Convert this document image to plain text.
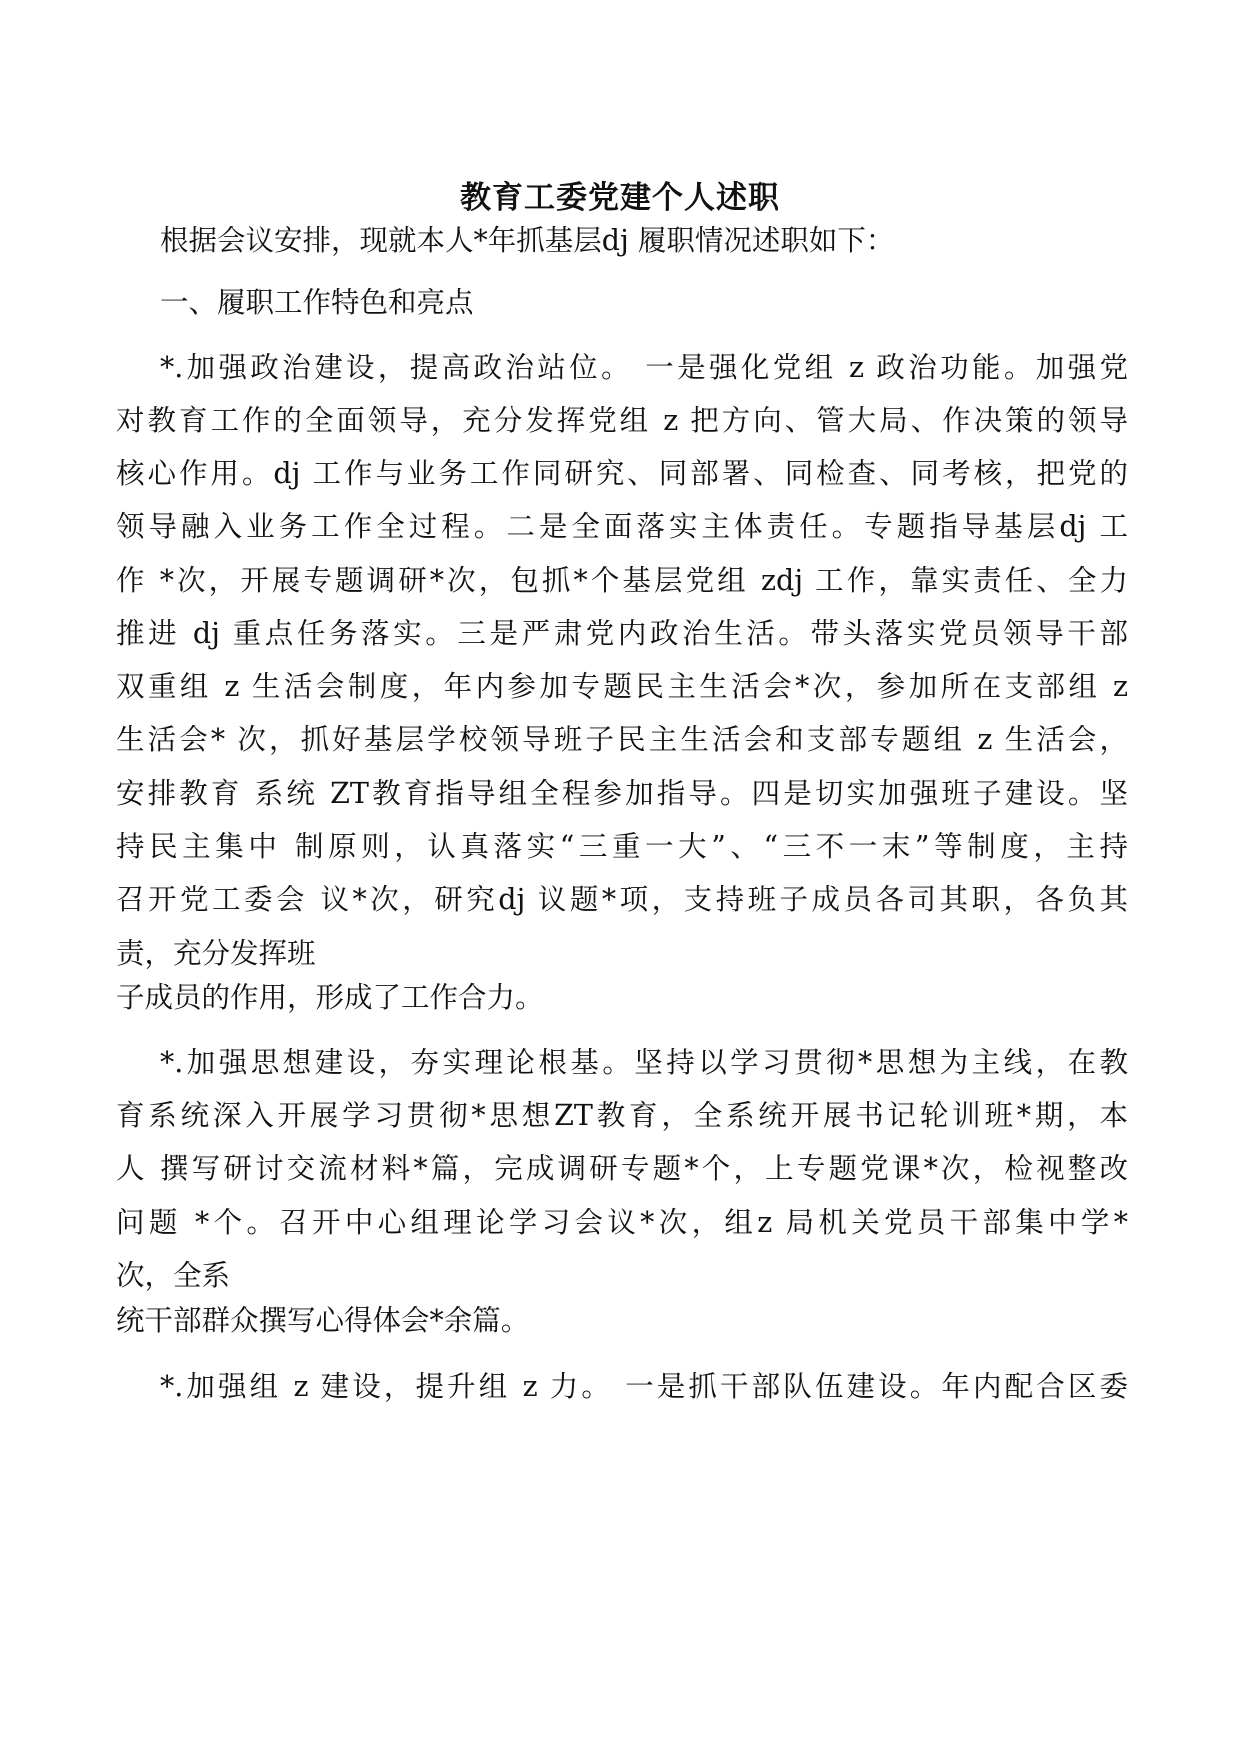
教育工委党建个人述职
根据会议安排，现就本人*年抓基层dj 履职情况述职如下：
一、履职工作特色和亮点
*.加强政治建设，提高政治站位。 一是强化党组 z 政治功能。加强党
对教育工作的全面领导，充分发挥党组 z 把方向、管大局、作决策的领导
核心作用。dj 工作与业务工作同研究、同部署、同检查、同考核，把党的
领导融入业务工作全过程。二是全面落实主体责任。专题指导基层dj 工
作 *次，开展专题调研*次，包抓*个基层党组 zdj 工作，靠实责任、全力
推进 dj 重点任务落实。三是严肃党内政治生活。带头落实党员领导干部
双重组 z 生活会制度，年内参加专题民主生活会*次，参加所在支部组 z
生活会* 次，抓好基层学校领导班子民主生活会和支部专题组 z 生活会，
安排教育 系统 ZT教育指导组全程参加指导。四是切实加强班子建设。坚
持民主集中 制原则，认真落实“三重一大”、“三不一末”等制度，主持
召开党工委会 议*次，研究dj 议题*项，支持班子成员各司其职，各负其
责，充分发挥班
子成员的作用，形成了工作合力。
*.加强思想建设，夯实理论根基。坚持以学习贯彻*思想为主线，在教
育系统深入开展学习贯彻*思想ZT教育，全系统开展书记轮训班*期，本
人 撰写研讨交流材料*篇，完成调研专题*个，上专题党课*次，检视整改
问题 *个。召开中心组理论学习会议*次，组z 局机关党员干部集中学*
次，全系
统干部群众撰写心得体会*余篇。
*.加强组 z 建设，提升组 z 力。 一是抓干部队伍建设。年内配合区委
